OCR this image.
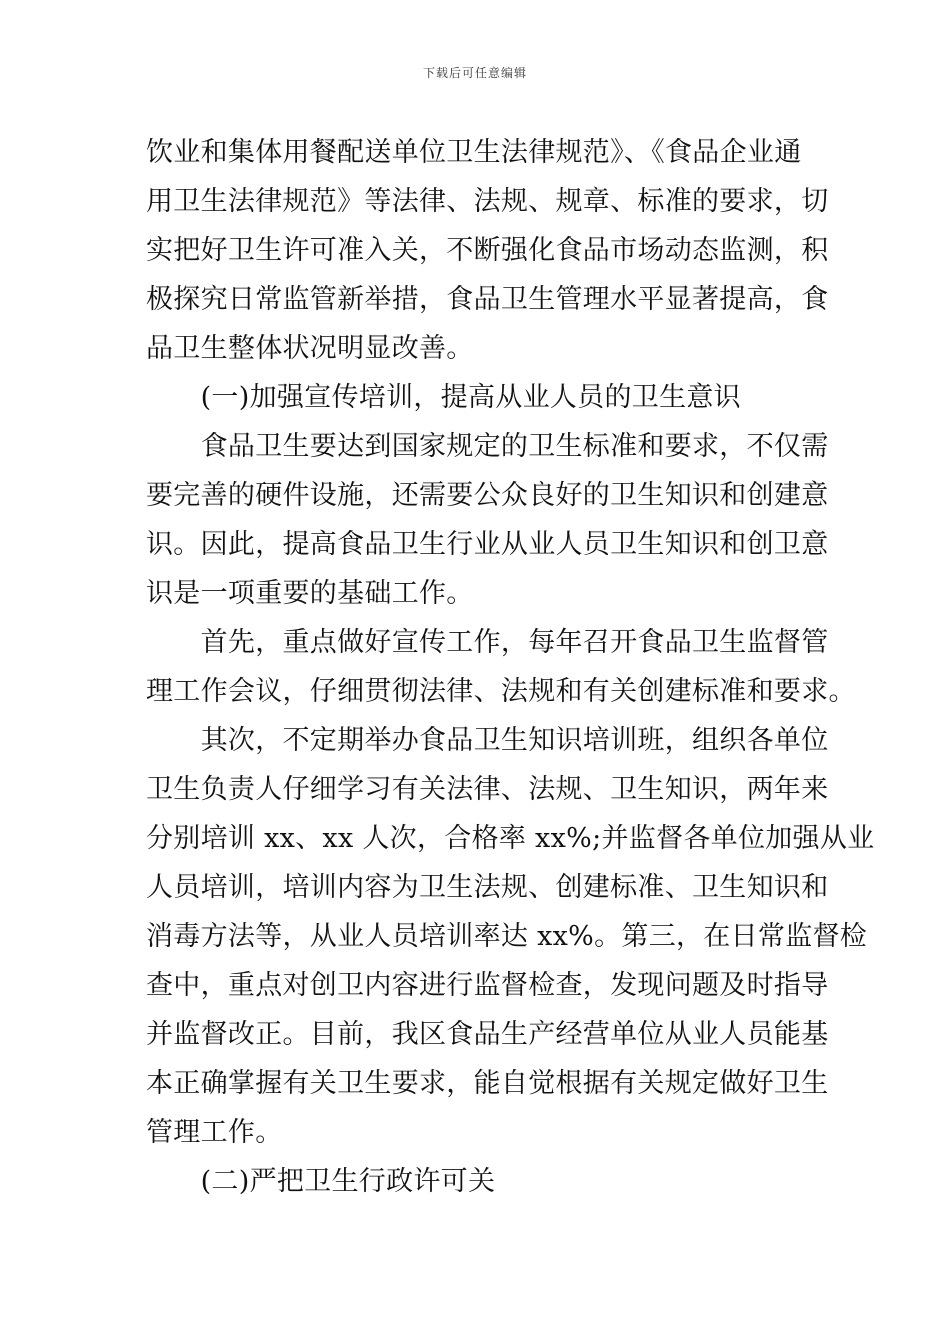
下载后可任意编辑
饮业和集体用餐配送单位卫生法律规范》、《食品企业通
用卫生法律规范》等法律、法规、规章、标准的要求，切
实把好卫生许可准入关，不断强化食品市场动态监测，积
极探究日常监管新举措，食品卫生管理水平显著提高，食
品卫生整体状况明显改善。
　　(一)加强宣传培训，提高从业人员的卫生意识
　　食品卫生要达到国家规定的卫生标准和要求，不仅需
要完善的硬件设施，还需要公众良好的卫生知识和创建意
识。因此，提高食品卫生行业从业人员卫生知识和创卫意
识是一项重要的基础工作。
　　首先，重点做好宣传工作，每年召开食品卫生监督管
理工作会议，仔细贯彻法律、法规和有关创建标准和要求。
　　其次，不定期举办食品卫生知识培训班，组织各单位
卫生负责人仔细学习有关法律、法规、卫生知识，两年来
分别培训 xx、xx 人次，合格率 xx%;并监督各单位加强从业
人员培训，培训内容为卫生法规、创建标准、卫生知识和
消毒方法等，从业人员培训率达 xx%。第三，在日常监督检
查中，重点对创卫内容进行监督检查，发现问题及时指导
并监督改正。目前，我区食品生产经营单位从业人员能基
本正确掌握有关卫生要求，能自觉根据有关规定做好卫生
管理工作。
　　(二)严把卫生行政许可关
